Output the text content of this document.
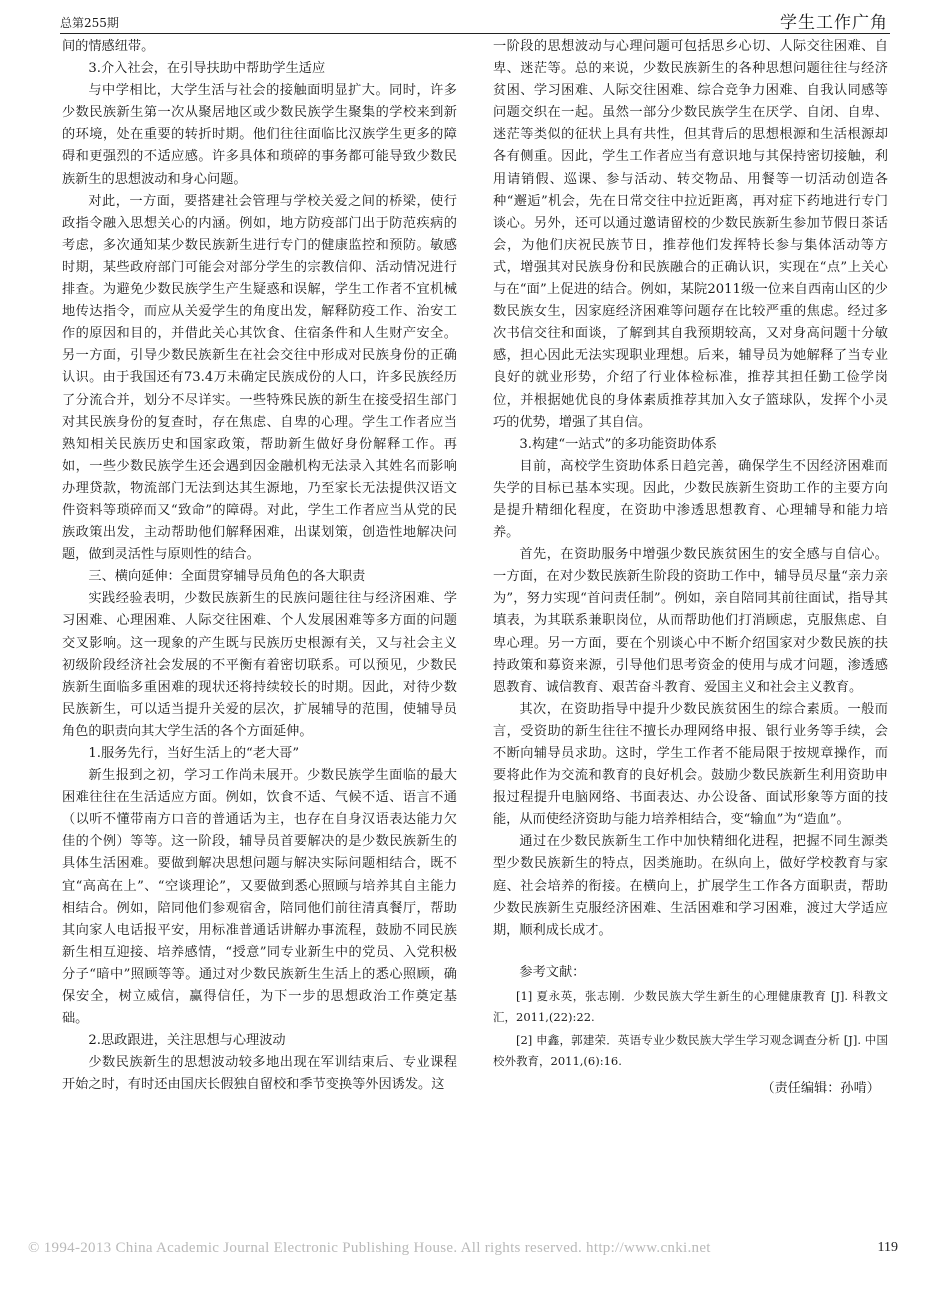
总第255期	学生工作广角

间的情感纽带。

3.介入社会，在引导扶助中帮助学生适应

与中学相比，大学生活与社会的接触面明显扩大。同时，许多少数民族新生第一次从聚居地区或少数民族学生聚集的学校来到新的环境，处在重要的转折时期。他们往往面临比汉族学生更多的障碍和更强烈的不适应感。许多具体和琐碎的事务都可能导致少数民族新生的思想波动和身心问题。

对此，一方面，要搭建社会管理与学校关爱之间的桥梁，使行政指令融入思想关心的内涵。例如，地方防疫部门出于防范疾病的考虑，多次通知某少数民族新生进行专门的健康监控和预防。敏感时期，某些政府部门可能会对部分学生的宗教信仰、活动情况进行排查。为避免少数民族学生产生疑惑和误解，学生工作者不宜机械地传达指令，而应从关爱学生的角度出发，解释防疫工作、治安工作的原因和目的，并借此关心其饮食、住宿条件和人生财产安全。另一方面，引导少数民族新生在社会交往中形成对民族身份的正确认识。由于我国还有73.4万未确定民族成份的人口，许多民族经历了分流合并，划分不尽详实。一些特殊民族的新生在接受招生部门对其民族身份的复查时，存在焦虑、自卑的心理。学生工作者应当熟知相关民族历史和国家政策，帮助新生做好身份解释工作。再如，一些少数民族学生还会遇到因金融机构无法录入其姓名而影响办理贷款，物流部门无法到达其生源地，乃至家长无法提供汉语文件资料等琐碎而又“致命”的障碍。对此，学生工作者应当从党的民族政策出发，主动帮助他们解释困难，出谋划策，创造性地解决问题，做到灵活性与原则性的结合。

三、横向延伸：全面贯穿辅导员角色的各大职责

实践经验表明，少数民族新生的民族问题往往与经济困难、学习困难、心理困难、人际交往困难、个人发展困难等多方面的问题交叉影响。这一现象的产生既与民族历史根源有关，又与社会主义初级阶段经济社会发展的不平衡有着密切联系。可以预见，少数民族新生面临多重困难的现状还将持续较长的时期。因此，对待少数民族新生，可以适当提升关爱的层次，扩展辅导的范围，使辅导员角色的职责向其大学生活的各个方面延伸。

1.服务先行，当好生活上的“老大哥”

新生报到之初，学习工作尚未展开。少数民族学生面临的最大困难往往在生活适应方面。例如，饮食不适、气候不适、语言不通（以听不懂带南方口音的普通话为主，也存在自身汉语表达能力欠佳的个例）等等。这一阶段，辅导员首要解决的是少数民族新生的具体生活困难。要做到解决思想问题与解决实际问题相结合，既不宜“高高在上”、“空谈理论”，又要做到悉心照顾与培养其自主能力相结合。例如，陪同他们参观宿舍，陪同他们前往清真餐厅，帮助其向家人电话报平安，用标准普通话讲解办事流程，鼓励不同民族新生相互迎接、培养感情，“授意”同专业新生中的党员、入党积极分子“暗中”照顾等等。通过对少数民族新生生活上的悉心照顾，确保安全，树立威信，赢得信任，为下一步的思想政治工作奠定基础。

2.思政跟进，关注思想与心理波动

少数民族新生的思想波动较多地出现在军训结束后、专业课程开始之时，有时还由国庆长假独自留校和季节变换等外因诱发。这

一阶段的思想波动与心理问题可包括思乡心切、人际交往困难、自卑、迷茫等。总的来说，少数民族新生的各种思想问题往往与经济贫困、学习困难、人际交往困难、综合竞争力困难、自我认同感等问题交织在一起。虽然一部分少数民族学生在厌学、自闭、自卑、迷茫等类似的征状上具有共性，但其背后的思想根源和生活根源却各有侧重。因此，学生工作者应当有意识地与其保持密切接触，利用请销假、巡课、参与活动、转交物品、用餐等一切活动创造各种“邂逅”机会，先在日常交往中拉近距离，再对症下药地进行专门谈心。另外，还可以通过邀请留校的少数民族新生参加节假日茶话会，为他们庆祝民族节日，推荐他们发挥特长参与集体活动等方式，增强其对民族身份和民族融合的正确认识，实现在“点”上关心与在“面”上促进的结合。例如，某院2011级一位来自西南山区的少数民族女生，因家庭经济困难等问题存在比较严重的焦虑。经过多次书信交往和面谈，了解到其自我预期较高，又对身高问题十分敏感，担心因此无法实现职业理想。后来，辅导员为她解释了当专业良好的就业形势，介绍了行业体检标准，推荐其担任勤工俭学岗位，并根据她优良的身体素质推荐其加入女子篮球队，发挥个小灵巧的优势，增强了其自信。

3.构建“一站式”的多功能资助体系

目前，高校学生资助体系日趋完善，确保学生不因经济困难而失学的目标已基本实现。因此，少数民族新生资助工作的主要方向是提升精细化程度，在资助中渗透思想教育、心理辅导和能力培养。

首先，在资助服务中增强少数民族贫困生的安全感与自信心。一方面，在对少数民族新生阶段的资助工作中，辅导员尽量“亲力亲为”，努力实现“首问责任制”。例如，亲自陪同其前往面试，指导其填表，为其联系兼职岗位，从而帮助他们打消顾虑，克服焦虑、自卑心理。另一方面，要在个别谈心中不断介绍国家对少数民族的扶持政策和募资来源，引导他们思考资金的使用与成才问题，渗透感恩教育、诚信教育、艰苦奋斗教育、爱国主义和社会主义教育。

其次，在资助指导中提升少数民族贫困生的综合素质。一般而言，受资助的新生往往不擅长办理网络申报、银行业务等手续，会不断向辅导员求助。这时，学生工作者不能局限于按规章操作，而要将此作为交流和教育的良好机会。鼓励少数民族新生利用资助申报过程提升电脑网络、书面表达、办公设备、面试形象等方面的技能，从而使经济资助与能力培养相结合，变“输血”为“造血”。

通过在少数民族新生工作中加快精细化进程，把握不同生源类型少数民族新生的特点，因类施助。在纵向上，做好学校教育与家庭、社会培养的衔接。在横向上，扩展学生工作各方面职责，帮助少数民族新生克服经济困难、生活困难和学习困难，渡过大学适应期，顺利成长成才。

参考文献：

[1] 夏永英，张志刚．少数民族大学生新生的心理健康教育 [J]. 科教文汇，2011,(22):22.

[2] 申鑫，郭建荣．英语专业少数民族大学生学习观念调查分析 [J]. 中国校外教育，2011,(6):16.

（责任编辑：孙啃）

© 1994-2013 China Academic Journal Electronic Publishing House. All rights reserved. http://www.cnki.net	119
